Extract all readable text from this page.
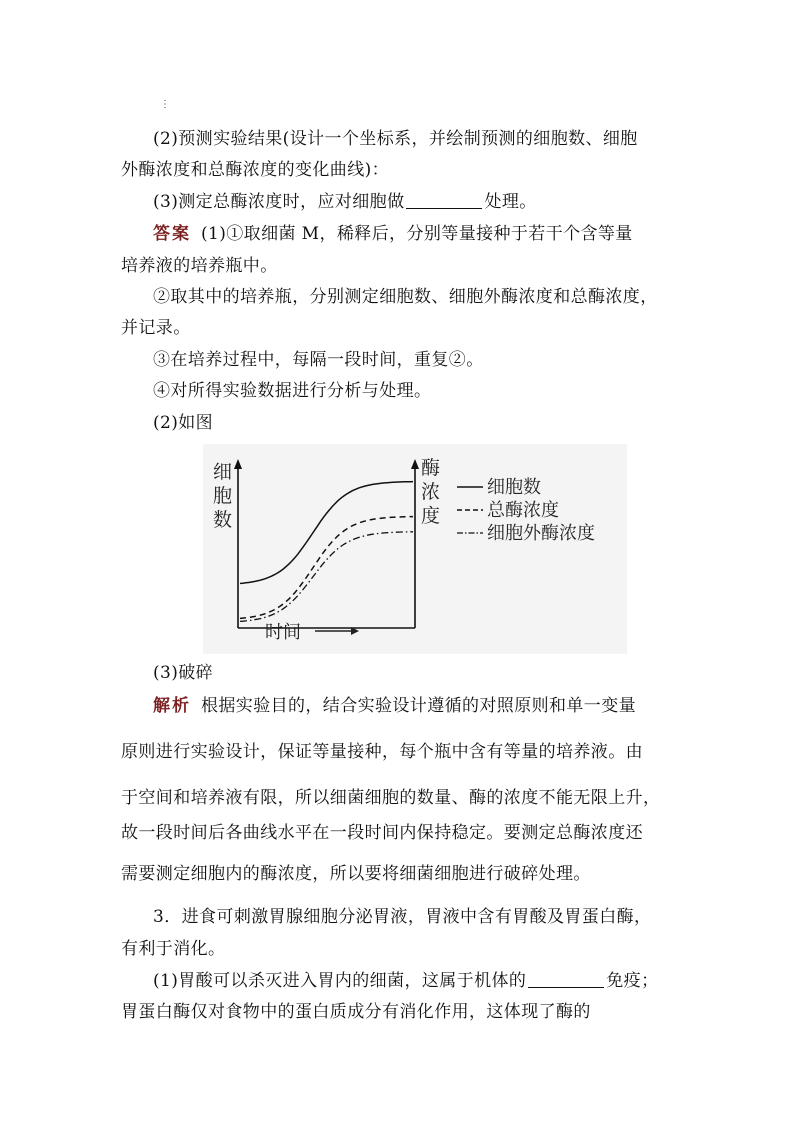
⋮
(2)预测实验结果(设计一个坐标系，并绘制预测的细胞数、细胞
外酶浓度和总酶浓度的变化曲线)：
(3)测定总酶浓度时，应对细胞做	处理。
答案 (1)①取细菌 M，稀释后，分别等量接种于若干个含等量
培养液的培养瓶中。
②取其中的培养瓶，分别测定细胞数、细胞外酶浓度和总酶浓度，
并记录。
③在培养过程中，每隔一段时间，重复②。
④对所得实验数据进行分析与处理。
(2)如图
细
胞
数
酶
浓
度
时间
细胞数
总酶浓度
细胞外酶浓度
(3)破碎
解析 根据实验目的，结合实验设计遵循的对照原则和单一变量
原则进行实验设计，保证等量接种，每个瓶中含有等量的培养液。由
于空间和培养液有限，所以细菌细胞的数量、酶的浓度不能无限上升，
故一段时间后各曲线水平在一段时间内保持稳定。要测定总酶浓度还
需要测定细胞内的酶浓度，所以要将细菌细胞进行破碎处理。
3．进食可刺激胃腺细胞分泌胃液，胃液中含有胃酸及胃蛋白酶，
有利于消化。
(1)胃酸可以杀灭进入胃内的细菌，这属于机体的	免疫；
胃蛋白酶仅对食物中的蛋白质成分有消化作用，这体现了酶的
